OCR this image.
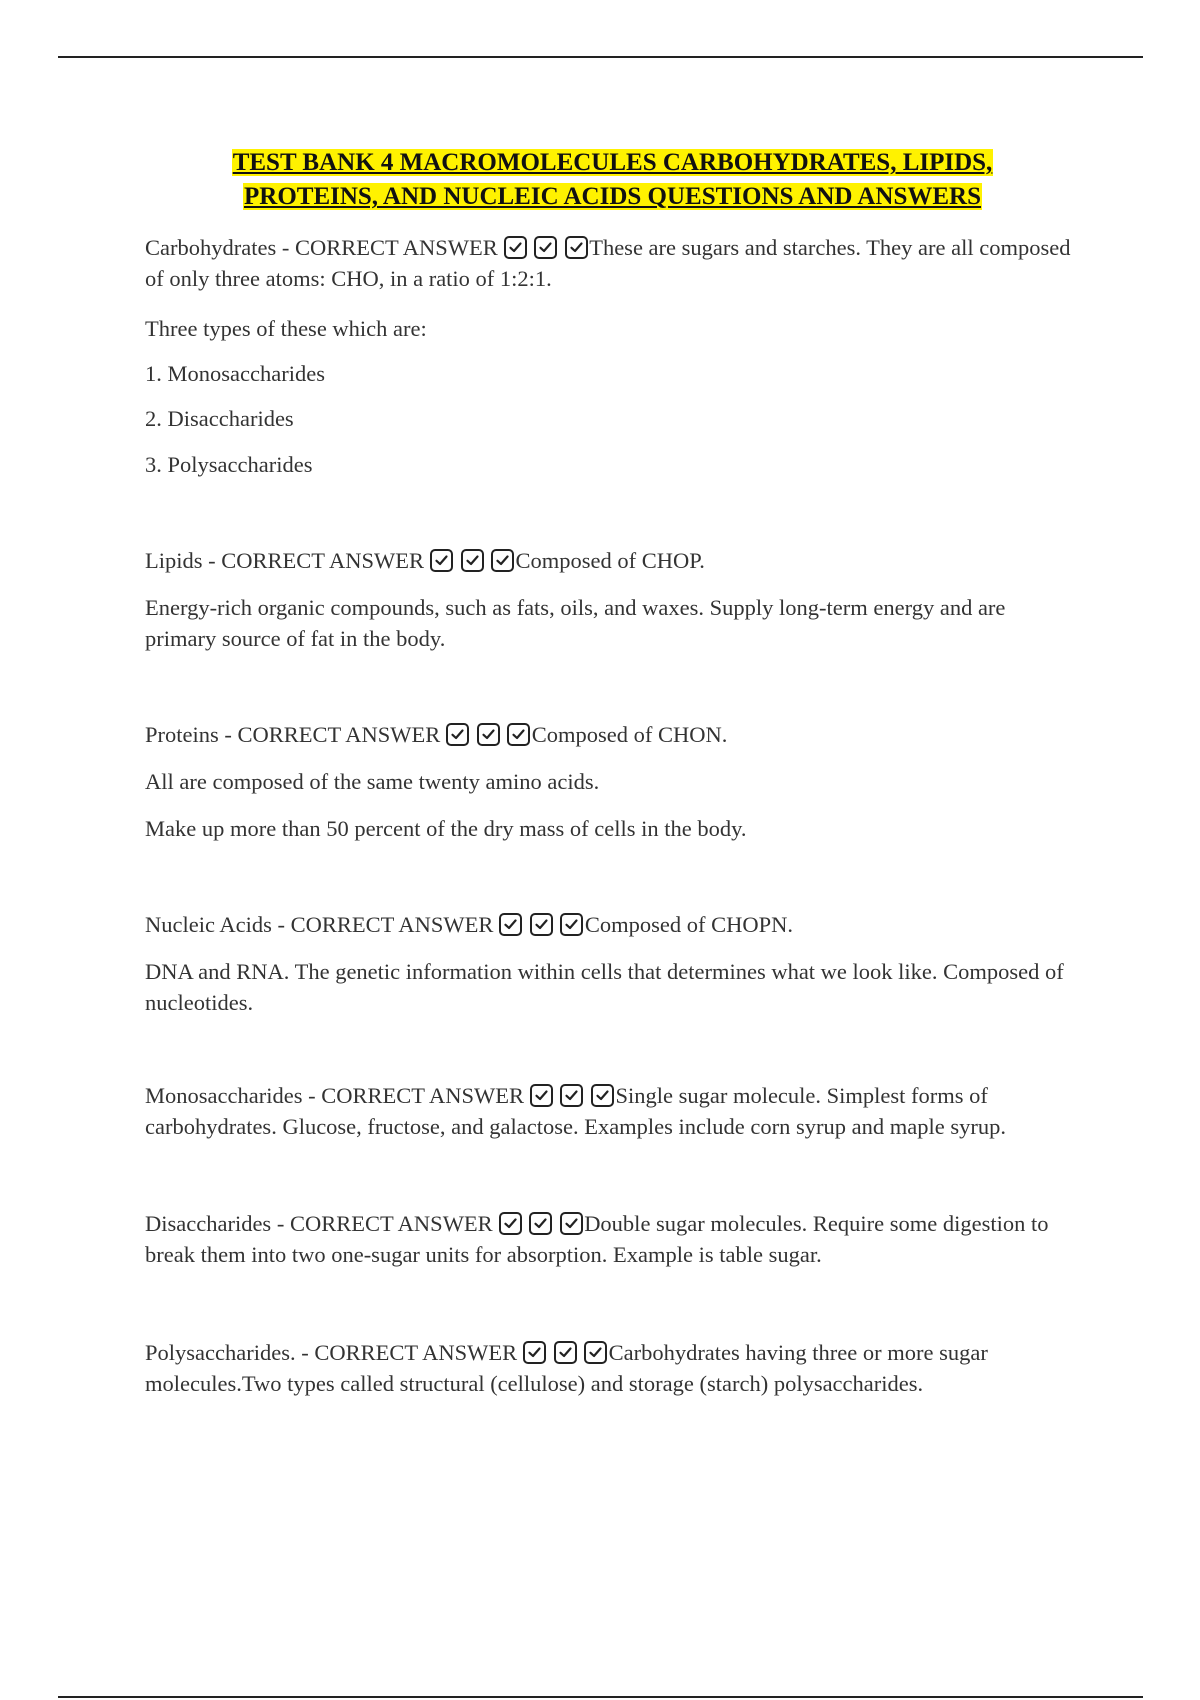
TEST BANK 4 MACROMOLECULES CARBOHYDRATES, LIPIDS,
PROTEINS, AND NUCLEIC ACIDS QUESTIONS AND ANSWERS

Carbohydrates - CORRECT ANSWER	These are sugars and starches. They are all composed of only three atoms: CHO, in a ratio of 1:2:1.

Three types of these which are:

1. Monosaccharides

2. Disaccharides

3. Polysaccharides

Lipids - CORRECT ANSWER	Composed of CHOP.

Energy-rich organic compounds, such as fats, oils, and waxes. Supply long-term energy and are primary source of fat in the body.

Proteins - CORRECT ANSWER	Composed of CHON.

All are composed of the same twenty amino acids.

Make up more than 50 percent of the dry mass of cells in the body.

Nucleic Acids - CORRECT ANSWER	Composed of CHOPN.

DNA and RNA. The genetic information within cells that determines what we look like. Composed of nucleotides.

Monosaccharides - CORRECT ANSWER	Single sugar molecule. Simplest forms of carbohydrates. Glucose, fructose, and galactose. Examples include corn syrup and maple syrup.

Disaccharides - CORRECT ANSWER	Double sugar molecules. Require some digestion to break them into two one-sugar units for absorption. Example is table sugar.

Polysaccharides. - CORRECT ANSWER	Carbohydrates having three or more sugar molecules.Two types called structural (cellulose) and storage (starch) polysaccharides.
